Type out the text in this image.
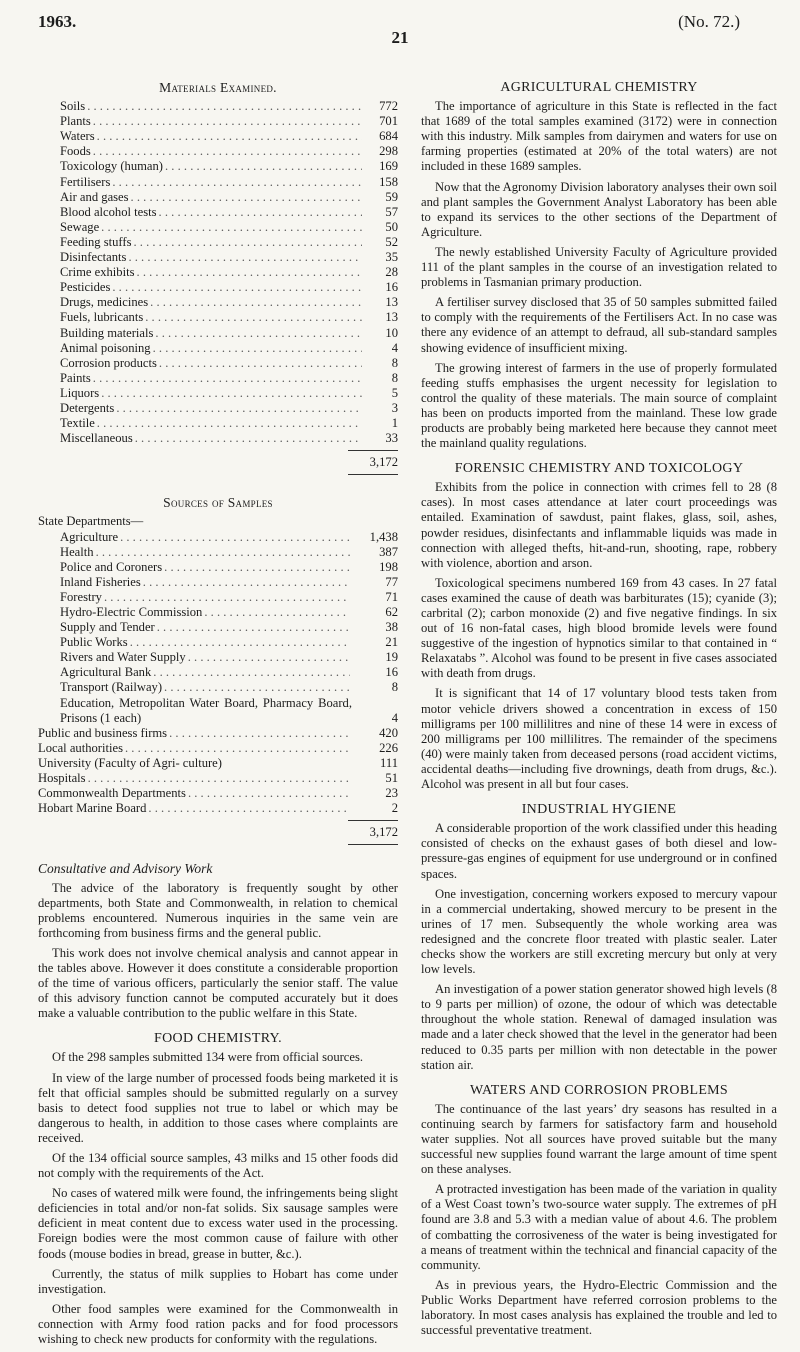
1963.
21
(No. 72.)
Materials Examined.
Soils . . .	772
Plants . . .	701
Waters . . .	684
Foods . . .	298
Toxicology (human) . . .	169
Fertilisers . . .	158
Air and gases . . .	59
Blood alcohol tests . . .	57
Sewage . . .	50
Feeding stuffs . . .	52
Disinfectants . . .	35
Crime exhibits . . .	28
Pesticides . . .	16
Drugs, medicines . . .	13
Fuels, lubricants . . .	13
Building materials . . .	10
Animal poisoning . . .	4
Corrosion products . . .	8
Paints . . .	8
Liquors . . .	5
Detergents . . .	3
Textile . . .	1
Miscellaneous . . .	33
3,172
Sources of Samples
State Departments—
Agriculture . . .	1,438
Health . . .	387
Police and Coroners . . .	198
Inland Fisheries . . .	77
Forestry . . .	71
Hydro-Electric Commission . . .	62
Supply and Tender . . .	38
Public Works . . .	21
Rivers and Water Supply . . .	19
Agricultural Bank . . .	16
Transport (Railway) . . .	8
Education, Metropolitan Water Board, Pharmacy Board, Prisons (1 each)	4
Public and business firms . . .	420
Local authorities . . .	226
University (Faculty of Agri- culture)	111
Hospitals . . .	51
Commonwealth Departments . . .	23
Hobart Marine Board . . .	2
3,172
Consultative and Advisory Work

The advice of the laboratory is frequently sought by other departments, both State and Commonwealth, in relation to chemical problems encountered. Numerous inquiries in the same vein are forthcoming from business firms and the general public.

This work does not involve chemical analysis and cannot appear in the tables above. However it does constitute a considerable proportion of the time of various officers, particularly the senior staff. The value of this advisory function cannot be computed accurately but it does make a valuable contribution to the public welfare in this State.

FOOD CHEMISTRY.

Of the 298 samples submitted 134 were from official sources.

In view of the large number of processed foods being marketed it is felt that official samples should be submitted regularly on a survey basis to detect food supplies not true to label or which may be dangerous to health, in addition to those cases where complaints are received.

Of the 134 official source samples, 43 milks and 15 other foods did not comply with the requirements of the Act.

No cases of watered milk were found, the infringements being slight deficiencies in total and/or non-fat solids. Six sausage samples were deficient in meat content due to excess water used in the processing. Foreign bodies were the most common cause of failure with other foods (mouse bodies in bread, grease in butter, &c.).

Currently, the status of milk supplies to Hobart has come under investigation.

Other food samples were examined for the Commonwealth in connection with Army food ration packs and for food processors wishing to check new products for conformity with the regulations.

AGRICULTURAL CHEMISTRY

The importance of agriculture in this State is reflected in the fact that 1689 of the total samples examined (3172) were in connection with this industry. Milk samples from dairymen and waters for use on farming properties (estimated at 20% of the total waters) are not included in these 1689 samples.

Now that the Agronomy Division laboratory analyses their own soil and plant samples the Government Analyst Laboratory has been able to expand its services to the other sections of the Department of Agriculture.

The newly established University Faculty of Agriculture provided 111 of the plant samples in the course of an investigation related to problems in Tasmanian primary production.

A fertiliser survey disclosed that 35 of 50 samples submitted failed to comply with the requirements of the Fertilisers Act. In no case was there any evidence of an attempt to defraud, all sub-standard samples showing evidence of insufficient mixing.

The growing interest of farmers in the use of properly formulated feeding stuffs emphasises the urgent necessity for legislation to control the quality of these materials. The main source of complaint has been on products imported from the mainland. These low grade products are probably being marketed here because they cannot meet the mainland quality regulations.

FORENSIC CHEMISTRY AND TOXICOLOGY

Exhibits from the police in connection with crimes fell to 28 (8 cases). In most cases attendance at later court proceedings was entailed. Examination of sawdust, paint flakes, glass, soil, ashes, powder residues, disinfectants and inflammable liquids was made in connection with alleged thefts, hit-and-run, shooting, rape, robbery with violence, abortion and arson.

Toxicological specimens numbered 169 from 43 cases. In 27 fatal cases examined the cause of death was barbiturates (15); cyanide (3); carbrital (2); carbon monoxide (2) and five negative findings. In six out of 16 non-fatal cases, high blood bromide levels were found suggestive of the ingestion of hypnotics similar to that contained in “ Relaxatabs ”. Alcohol was found to be present in five cases associated with death from drugs.

It is significant that 14 of 17 voluntary blood tests taken from motor vehicle drivers showed a concentration in excess of 150 milligrams per 100 millilitres and nine of these 14 were in excess of 200 milligrams per 100 millilitres. The remainder of the specimens (40) were mainly taken from deceased persons (road accident victims, accidental deaths—including five drownings, death from drugs, &c.). Alcohol was present in all but four cases.

INDUSTRIAL HYGIENE

A considerable proportion of the work classified under this heading consisted of checks on the exhaust gases of both diesel and low-pressure-gas engines of equipment for use underground or in confined spaces.

One investigation, concerning workers exposed to mercury vapour in a commercial undertaking, showed mercury to be present in the urines of 17 men. Subsequently the whole working area was redesigned and the concrete floor treated with plastic sealer. Later checks show the workers are still excreting mercury but only at very low levels.

An investigation of a power station generator showed high levels (8 to 9 parts per million) of ozone, the odour of which was detectable throughout the whole station. Renewal of damaged insulation was made and a later check showed that the level in the generator had been reduced to 0.35 parts per million with non detectable in the power station air.

WATERS AND CORROSION PROBLEMS

The continuance of the last years’ dry seasons has resulted in a continuing search by farmers for satisfactory farm and household water supplies. Not all sources have proved suitable but the many successful new supplies found warrant the large amount of time spent on these analyses.

A protracted investigation has been made of the variation in quality of a West Coast town’s two-source water supply. The extremes of pH found are 3.8 and 5.3 with a median value of about 4.6. The problem of combatting the corrosiveness of the water is being investigated for a means of treatment within the technical and financial capacity of the community.

As in previous years, the Hydro-Electric Commission and the Public Works Department have referred corrosion problems to the laboratory. In most cases analysis has explained the trouble and led to successful preventative treatment.
